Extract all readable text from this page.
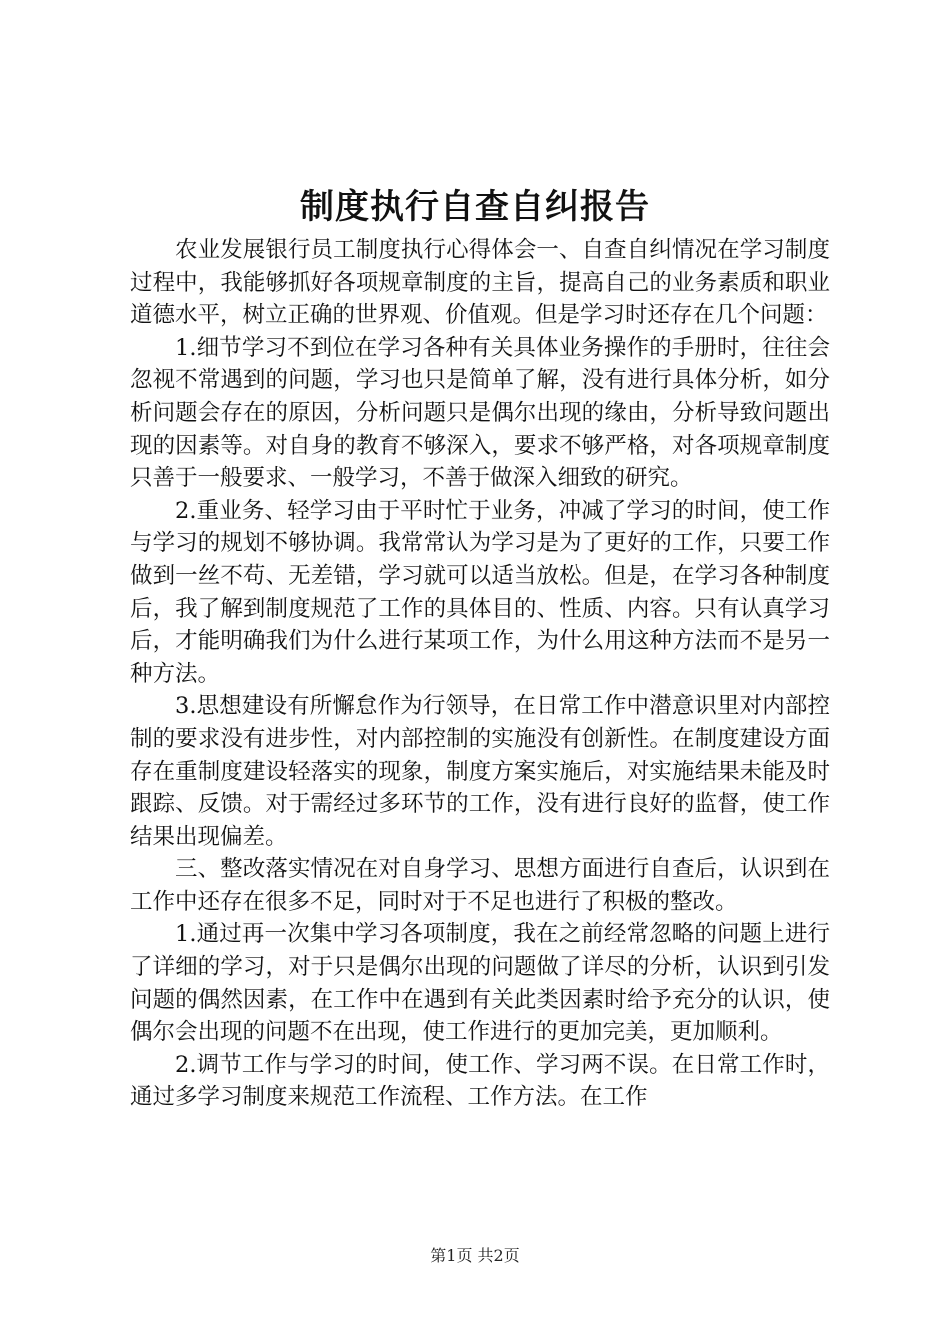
制度执行自查自纠报告

农业发展银行员工制度执行心得体会一、自查自纠情况在学习制度过程中，我能够抓好各项规章制度的主旨，提高自己的业务素质和职业道德水平，树立正确的世界观、价值观。但是学习时还存在几个问题：

1.细节学习不到位在学习各种有关具体业务操作的手册时，往往会忽视不常遇到的问题，学习也只是简单了解，没有进行具体分析，如分析问题会存在的原因，分析问题只是偶尔出现的缘由，分析导致问题出现的因素等。对自身的教育不够深入，要求不够严格，对各项规章制度只善于一般要求、一般学习，不善于做深入细致的研究。

2.重业务、轻学习由于平时忙于业务，冲减了学习的时间，使工作与学习的规划不够协调。我常常认为学习是为了更好的工作，只要工作做到一丝不苟、无差错，学习就可以适当放松。但是，在学习各种制度后，我了解到制度规范了工作的具体目的、性质、内容。只有认真学习后，才能明确我们为什么进行某项工作，为什么用这种方法而不是另一种方法。

3.思想建设有所懈怠作为行领导，在日常工作中潜意识里对内部控制的要求没有进步性，对内部控制的实施没有创新性。在制度建设方面存在重制度建设轻落实的现象，制度方案实施后，对实施结果未能及时跟踪、反馈。对于需经过多环节的工作，没有进行良好的监督，使工作结果出现偏差。

三、整改落实情况在对自身学习、思想方面进行自查后，认识到在工作中还存在很多不足，同时对于不足也进行了积极的整改。

1.通过再一次集中学习各项制度，我在之前经常忽略的问题上进行了详细的学习，对于只是偶尔出现的问题做了详尽的分析，认识到引发问题的偶然因素，在工作中在遇到有关此类因素时给予充分的认识，使偶尔会出现的问题不在出现，使工作进行的更加完美，更加顺利。

2.调节工作与学习的时间，使工作、学习两不误。在日常工作时，通过多学习制度来规范工作流程、工作方法。在工作

第1页 共2页
